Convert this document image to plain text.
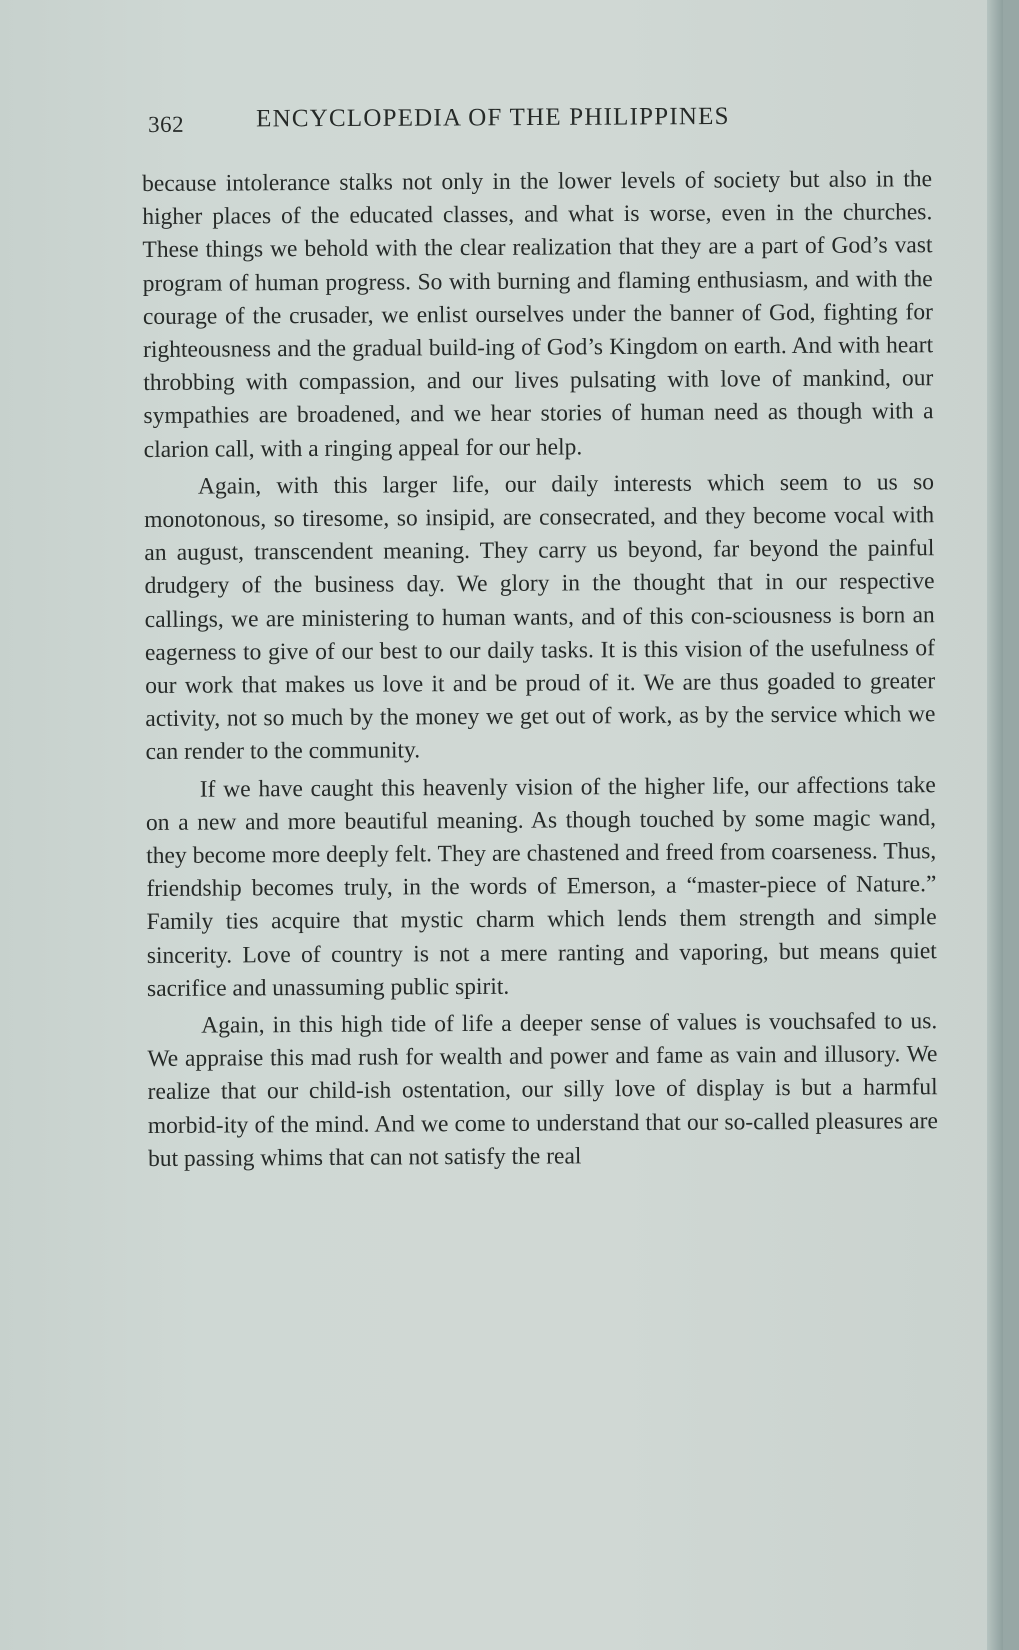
362	ENCYCLOPEDIA OF THE PHILIPPINES

because intolerance stalks not only in the lower levels of society but also in the higher places of the educated classes, and what is worse, even in the churches. These things we behold with the clear realization that they are a part of God’s vast program of human progress. So with burning and flaming enthusiasm, and with the courage of the crusader, we enlist ourselves under the banner of God, fighting for righteousness and the gradual build-ing of God’s Kingdom on earth. And with heart throbbing with compassion, and our lives pulsating with love of mankind, our sympathies are broadened, and we hear stories of human need as though with a clarion call, with a ringing appeal for our help.

Again, with this larger life, our daily interests which seem to us so monotonous, so tiresome, so insipid, are consecrated, and they become vocal with an august, transcendent meaning. They carry us beyond, far beyond the painful drudgery of the business day. We glory in the thought that in our respective callings, we are ministering to human wants, and of this con-sciousness is born an eagerness to give of our best to our daily tasks. It is this vision of the usefulness of our work that makes us love it and be proud of it. We are thus goaded to greater activity, not so much by the money we get out of work, as by the service which we can render to the community.

If we have caught this heavenly vision of the higher life, our affections take on a new and more beautiful meaning. As though touched by some magic wand, they become more deeply felt. They are chastened and freed from coarseness. Thus, friendship becomes truly, in the words of Emerson, a “master-piece of Nature.” Family ties acquire that mystic charm which lends them strength and simple sincerity. Love of country is not a mere ranting and vaporing, but means quiet sacrifice and unassuming public spirit.

Again, in this high tide of life a deeper sense of values is vouchsafed to us. We appraise this mad rush for wealth and power and fame as vain and illusory. We realize that our child-ish ostentation, our silly love of display is but a harmful morbid-ity of the mind. And we come to understand that our so-called pleasures are but passing whims that can not satisfy the real
